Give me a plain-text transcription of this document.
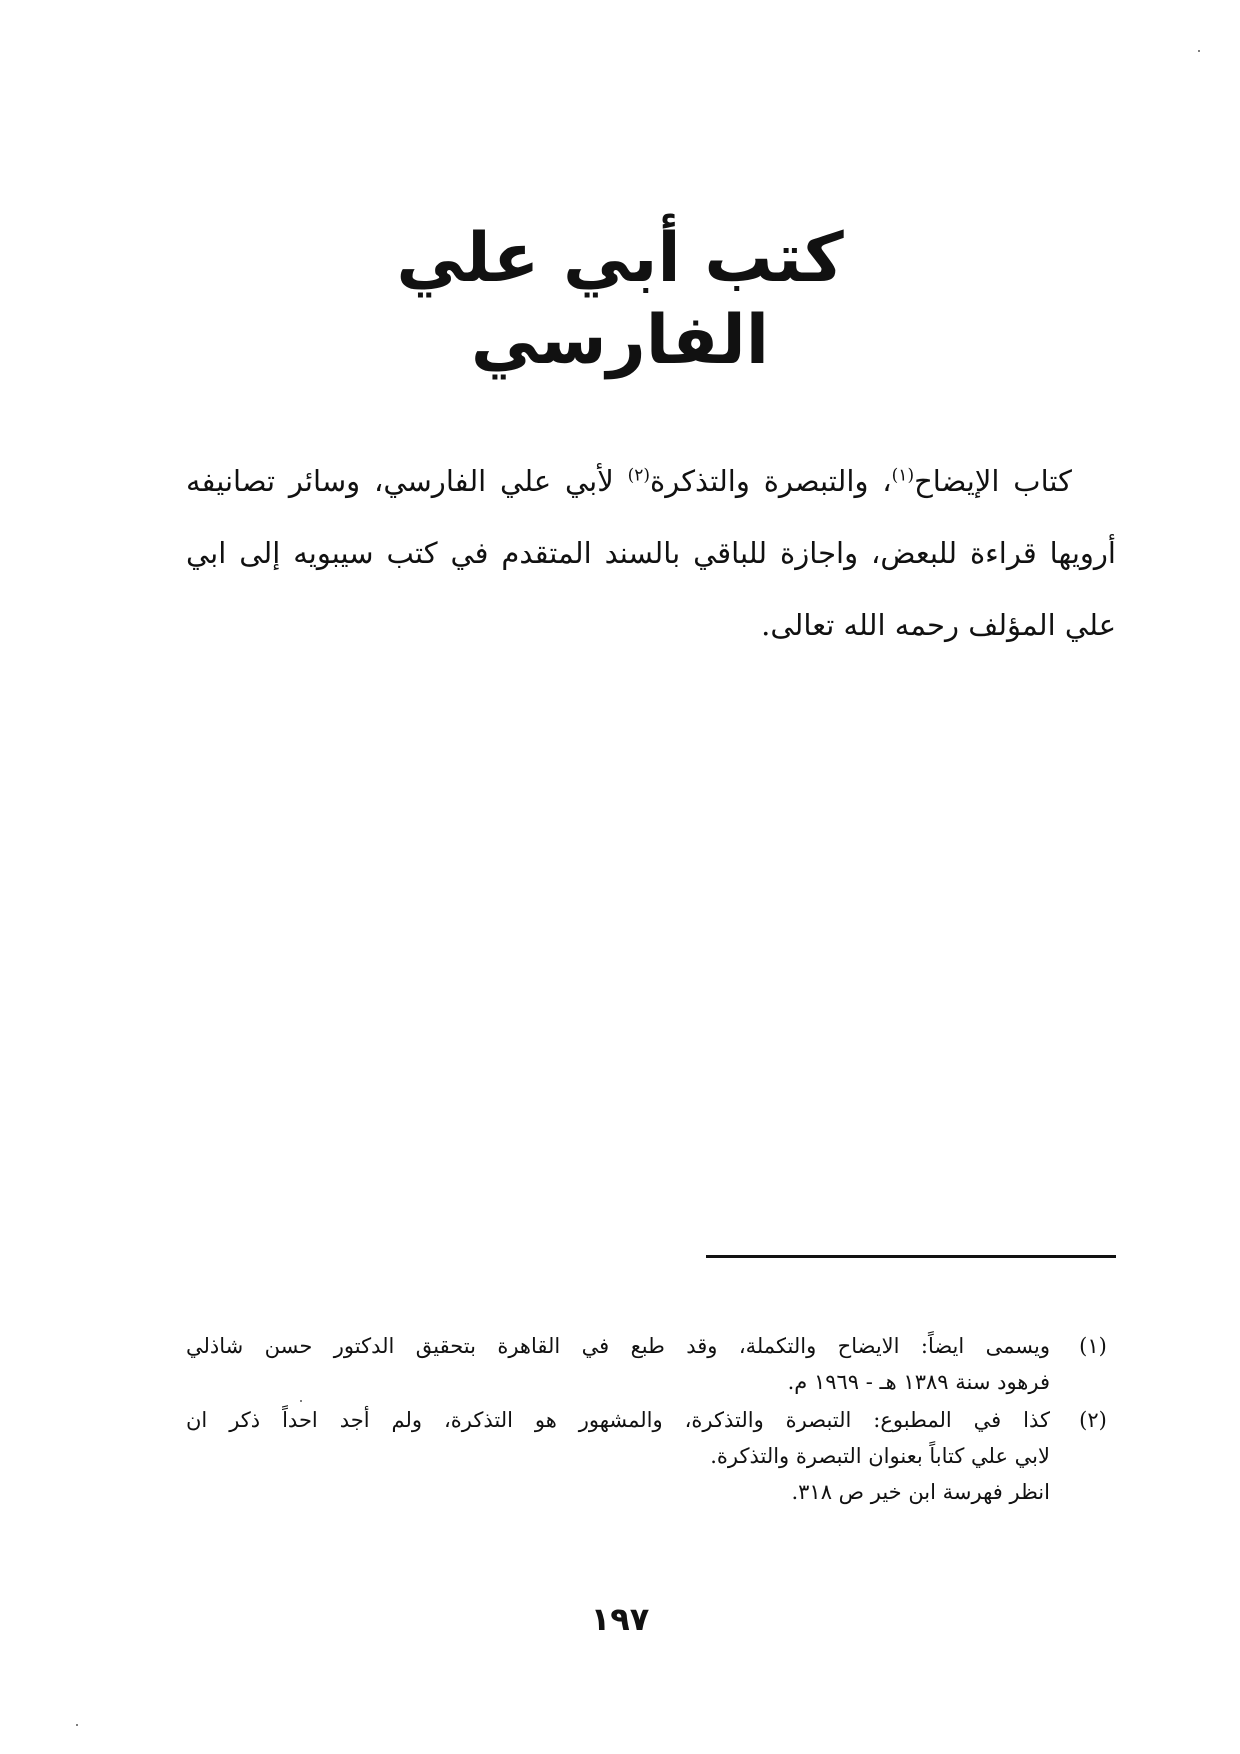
كتب أبي علي الفارسي

كتاب الإيضاح$^{(١)}$، والتبصرة والتذكرة$^{(٢)}$ لأبي علي الفارسي، وسائر تصانيفه أرويها قراءة للبعض، واجازة للباقي بالسند المتقدم في كتب سيبويه إلى ابي علي المؤلف رحمه الله تعالى.

(١)
ويسمى ايضاً: الايضاح والتكملة، وقد طبع في القاهرة بتحقيق الدكتور حسن شاذلي
فرهود سنة ١٣٨٩ هـ - ١٩٦٩ م.
(٢)
كذا في المطبوع: التبصرة والتذكرة، والمشهور هو التذكرة، ولم أجد احداً ذكر ان
لابي علي كتاباً بعنوان التبصرة والتذكرة.
انظر فهرسة ابن خير ص ٣١٨.
١٩٧
